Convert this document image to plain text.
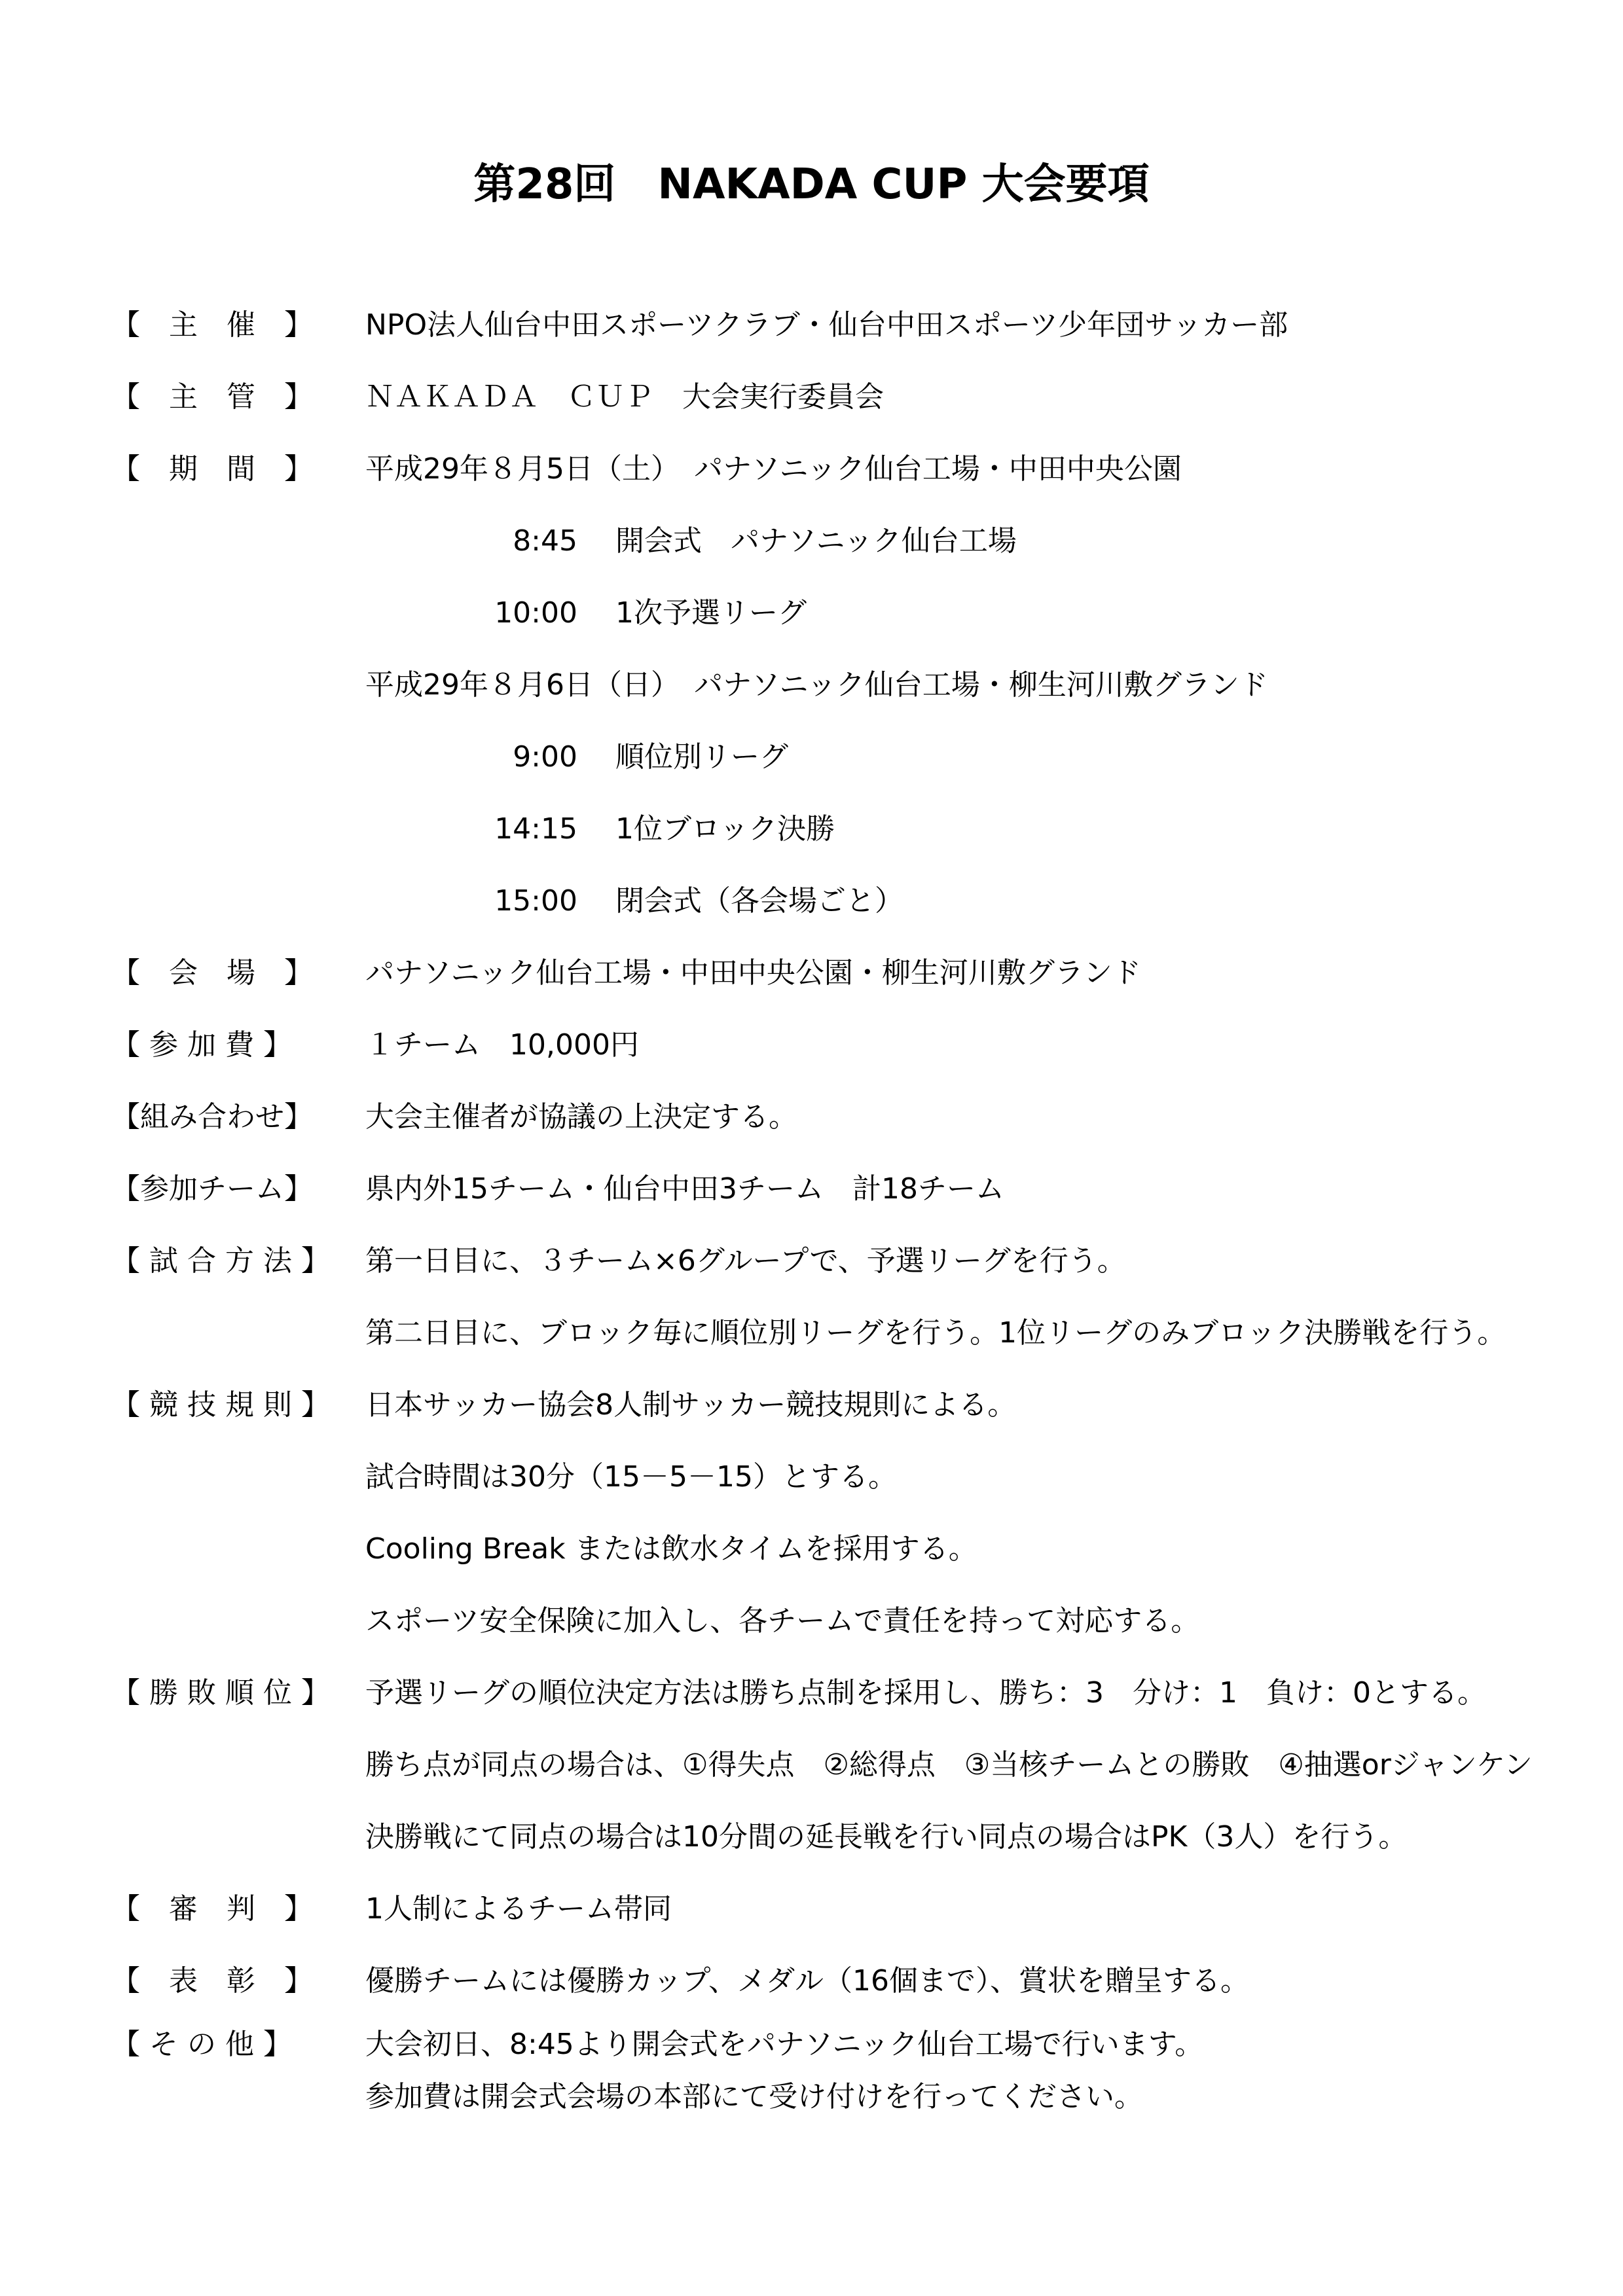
第28回　NAKADA CUP 大会要項
【　主　催　】	NPO法人仙台中田スポーツクラブ・仙台中田スポーツ少年団サッカー部
【　主　管　】	ＮＡＫＡＤＡ　ＣＵＰ　大会実行委員会
【　期　間　】	平成29年８月5日（土）　パナソニック仙台工場・中田中央公園
8:45 開会式　パナソニック仙台工場
10:00 1次予選リーグ
平成29年８月6日（日）　パナソニック仙台工場・柳生河川敷グランド
9:00 順位別リーグ
14:15 1位ブロック決勝
15:00 閉会式（各会場ごと）
【　会　場　】	パナソニック仙台工場・中田中央公園・柳生河川敷グランド
【 参 加 費 】	１チーム　10,000円
【組み合わせ】	大会主催者が協議の上決定する。
【参加チーム】	県内外15チーム・仙台中田3チーム　計18チーム
【 試 合 方 法 】 第一日目に、３チーム×6グループで、予選リーグを行う。
第二日目に、ブロック毎に順位別リーグを行う。1位リーグのみブロック決勝戦を行う。
【 競 技 規 則 】 日本サッカー協会8人制サッカー競技規則による。
試合時間は30分（15－5－15）とする。
Cooling Break または飲水タイムを採用する。
スポーツ安全保険に加入し、各チームで責任を持って対応する。
【 勝 敗 順 位 】 予選リーグの順位決定方法は勝ち点制を採用し、勝ち：3　分け：1　負け：0とする。
勝ち点が同点の場合は、①得失点　②総得点　③当核チームとの勝敗　④抽選orジャンケン
決勝戦にて同点の場合は10分間の延長戦を行い同点の場合はPK（3人）を行う。
【　審　判　】	1人制によるチーム帯同
【　表　彰　】	優勝チームには優勝カップ、メダル（16個まで）、賞状を贈呈する。
【 そ の 他 】	大会初日、8:45より開会式をパナソニック仙台工場で行います。
参加費は開会式会場の本部にて受け付けを行ってください。
